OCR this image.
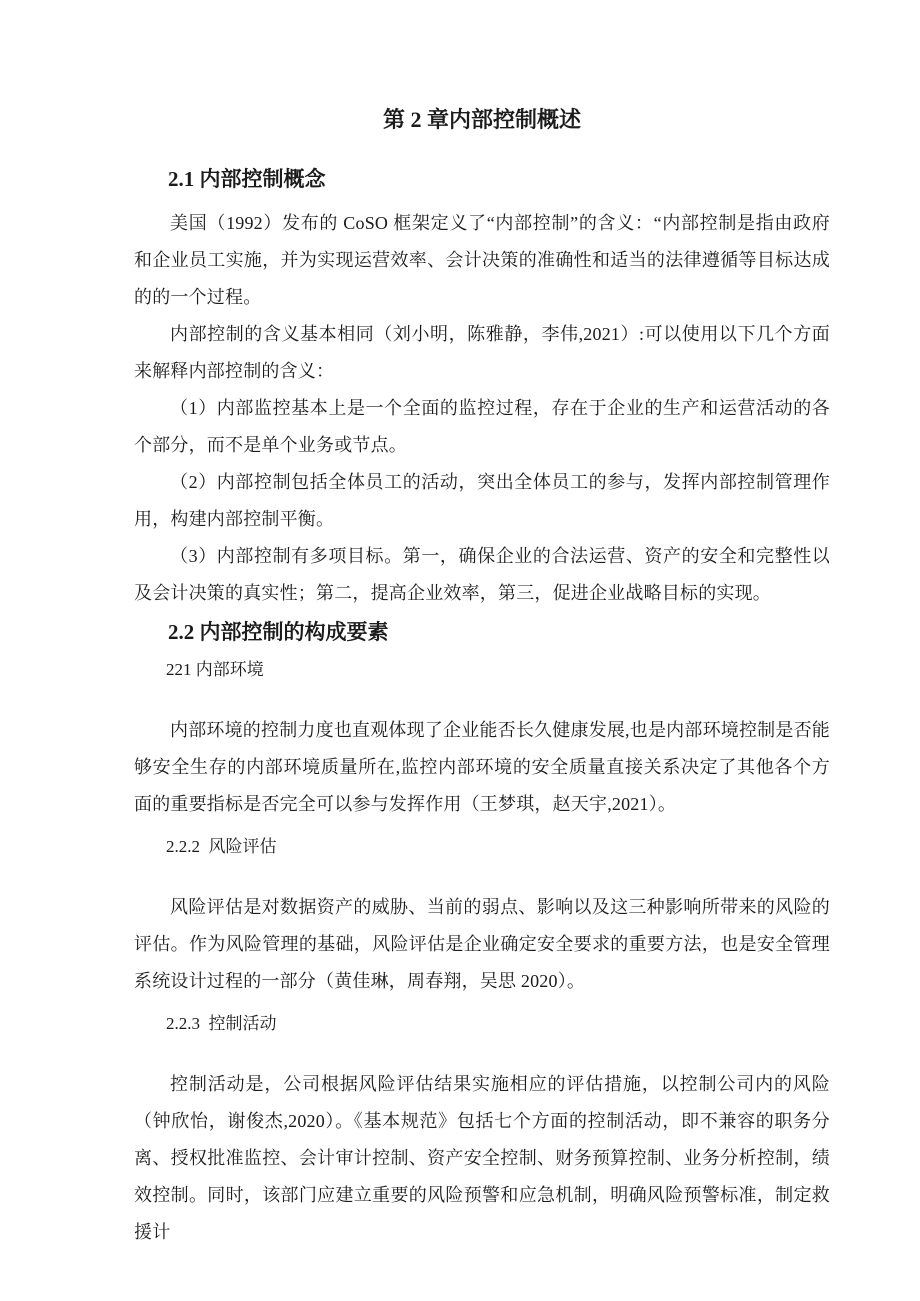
第 2 章内部控制概述
2.1 内部控制概念

美国（1992）发布的 CoSO 框架定义了“内部控制”的含义：“内部控制是指由政府和企业员工实施，并为实现运营效率、会计决策的准确性和适当的法律遵循等目标达成的的一个过程。

内部控制的含义基本相同（刘小明，陈雅静，李伟,2021）:可以使用以下几个方面来解释内部控制的含义：

（1）内部监控基本上是一个全面的监控过程，存在于企业的生产和运营活动的各个部分，而不是单个业务或节点。

（2）内部控制包括全体员工的活动，突出全体员工的参与，发挥内部控制管理作用，构建内部控制平衡。

（3）内部控制有多项目标。第一，确保企业的合法运营、资产的安全和完整性以及会计决策的真实性；第二，提高企业效率，第三，促进企业战略目标的实现。

2.2 内部控制的构成要素
221 内部环境

内部环境的控制力度也直观体现了企业能否长久健康发展,也是内部环境控制是否能够安全生存的内部环境质量所在,监控内部环境的安全质量直接关系决定了其他各个方面的重要指标是否完全可以参与发挥作用（王梦琪，赵天宇,2021）。

2.2.2  风险评估

风险评估是对数据资产的威胁、当前的弱点、影响以及这三种影响所带来的风险的评估。作为风险管理的基础，风险评估是企业确定安全要求的重要方法，也是安全管理系统设计过程的一部分（黄佳琳，周春翔，吴思 2020）。

2.2.3  控制活动

控制活动是，公司根据风险评估结果实施相应的评估措施，以控制公司内的风险（钟欣怡，谢俊杰,2020）。《基本规范》包括七个方面的控制活动，即不兼容的职务分离、授权批准监控、会计审计控制、资产安全控制、财务预算控制、业务分析控制，绩效控制。同时，该部门应建立重要的风险预警和应急机制，明确风险预警标准，制定救援计
